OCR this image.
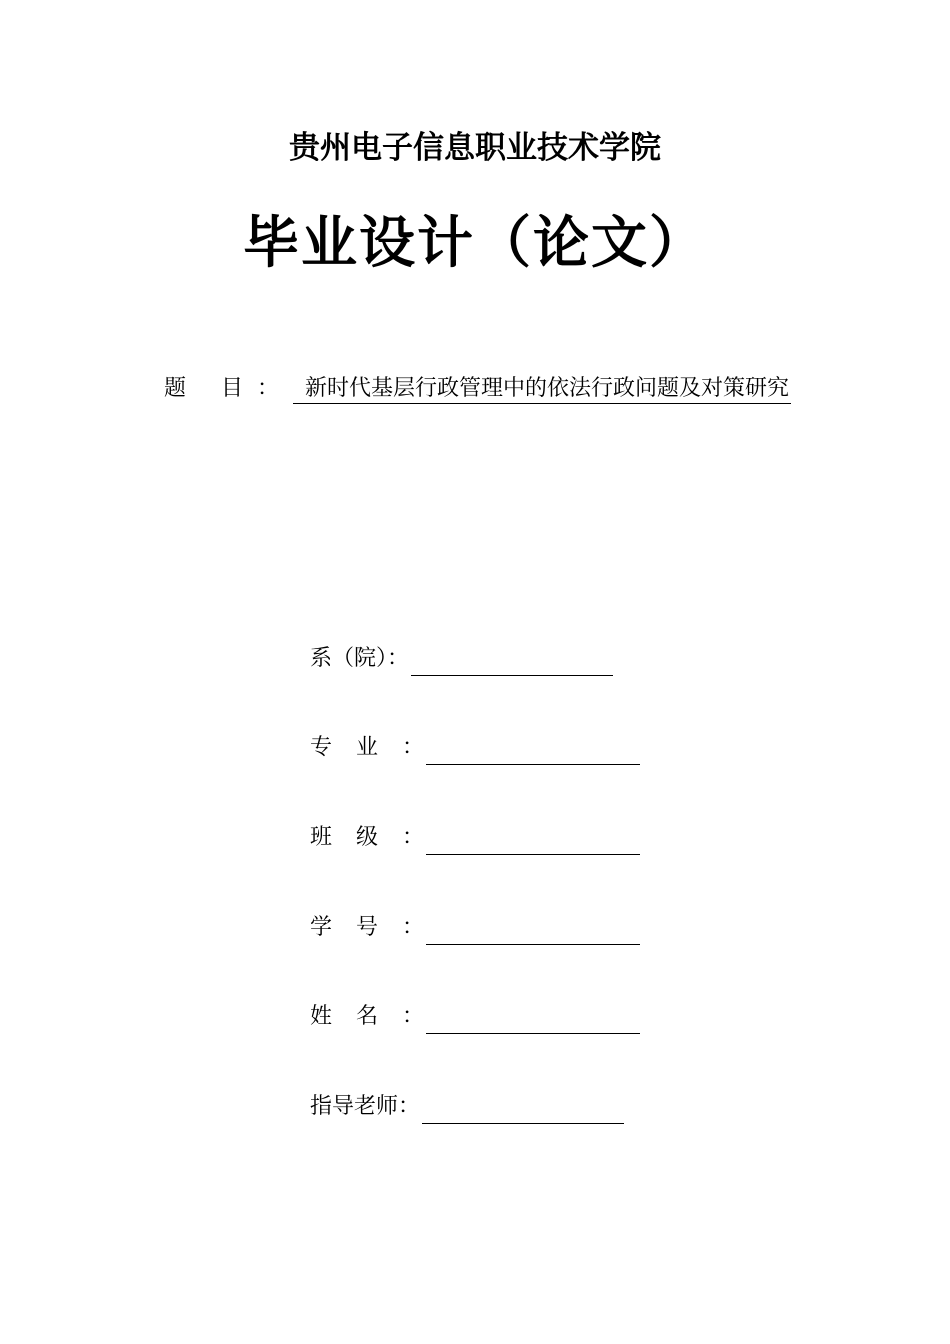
贵州电子信息职业技术学院
毕业设计（论文）
题 目： 新时代基层行政管理中的依法行政问题及对策研究
系（院）：
专业：
班级：
学号：
姓名：
指导老师：
